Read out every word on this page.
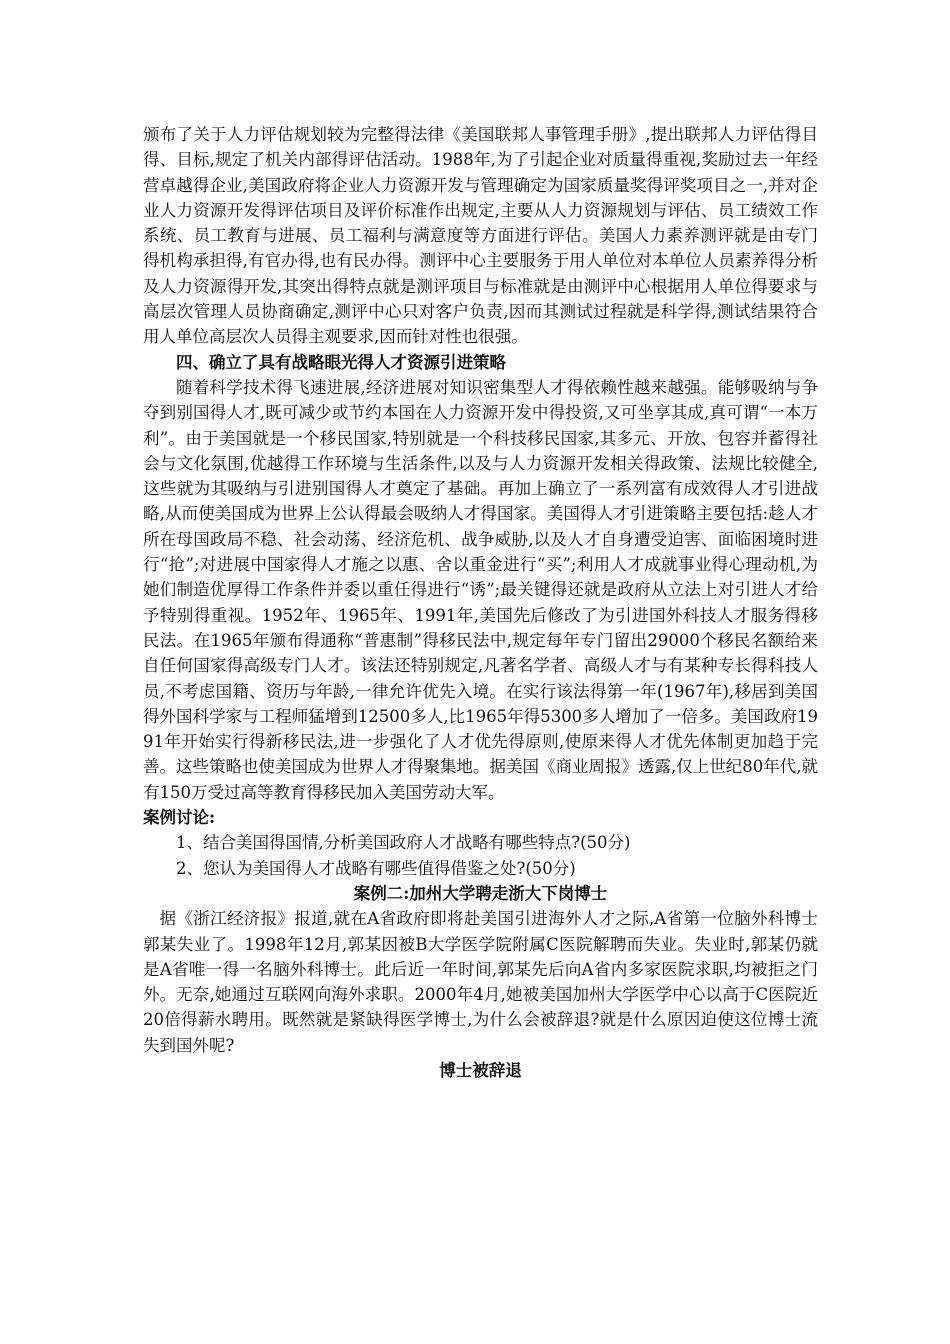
颁布了关于人力评估规划较为完整得法律《美国联邦人事管理手册》,提出联邦人力评估得目得、目标,规定了机关内部得评估活动。1988年,为了引起企业对质量得重视,奖励过去一年经营卓越得企业,美国政府将企业人力资源开发与管理确定为国家质量奖得评奖项目之一,并对企业人力资源开发得评估项目及评价标准作出规定,主要从人力资源规划与评估、员工绩效工作系统、员工教育与进展、员工福利与满意度等方面进行评估。美国人力素养测评就是由专门得机构承担得,有官办得,也有民办得。测评中心主要服务于用人单位对本单位人员素养得分析及人力资源得开发,其突出得特点就是测评项目与标准就是由测评中心根据用人单位得要求与高层次管理人员协商确定,测评中心只对客户负责,因而其测试过程就是科学得,测试结果符合用人单位高层次人员得主观要求,因而针对性也很强。

四、确立了具有战略眼光得人才资源引进策略

随着科学技术得飞速进展,经济进展对知识密集型人才得依赖性越来越强。能够吸纳与争夺到别国得人才,既可减少或节约本国在人力资源开发中得投资,又可坐享其成,真可谓“一本万利”。由于美国就是一个移民国家,特别就是一个科技移民国家,其多元、开放、包容并蓄得社会与文化氛围,优越得工作环境与生活条件,以及与人力资源开发相关得政策、法规比较健全,这些就为其吸纳与引进别国得人才奠定了基础。再加上确立了一系列富有成效得人才引进战略,从而使美国成为世界上公认得最会吸纳人才得国家。美国得人才引进策略主要包括:趁人才所在母国政局不稳、社会动荡、经济危机、战争威胁,以及人才自身遭受迫害、面临困境时进行“抢”;对进展中国家得人才施之以惠、舍以重金进行“买”;利用人才成就事业得心理动机,为她们制造优厚得工作条件并委以重任得进行“诱”;最关键得还就是政府从立法上对引进人才给予特别得重视。1952年、1965年、1991年,美国先后修改了为引进国外科技人才服务得移民法。在1965年颁布得通称“普惠制”得移民法中,规定每年专门留出29000个移民名额给来自任何国家得高级专门人才。该法还特别规定,凡著名学者、高级人才与有某种专长得科技人员,不考虑国籍、资历与年龄,一律允许优先入境。在实行该法得第一年(1967年),移居到美国得外国科学家与工程师猛增到12500多人,比1965年得5300多人增加了一倍多。美国政府1991年开始实行得新移民法,进一步强化了人才优先得原则,使原来得人才优先体制更加趋于完善。这些策略也使美国成为世界人才得聚集地。据美国《商业周报》透露,仅上世纪80年代,就有150万受过高等教育得移民加入美国劳动大军。

案例讨论:

1、结合美国得国情,分析美国政府人才战略有哪些特点?(50分)

2、您认为美国得人才战略有哪些值得借鉴之处?(50分)

案例二:加州大学聘走浙大下岗博士

据《浙江经济报》报道,就在A省政府即将赴美国引进海外人才之际,A省第一位脑外科博士郭某失业了。1998年12月,郭某因被B大学医学院附属C医院解聘而失业。失业时,郭某仍就是A省唯一得一名脑外科博士。此后近一年时间,郭某先后向A省内多家医院求职,均被拒之门外。无奈,她通过互联网向海外求职。2000年4月,她被美国加州大学医学中心以高于C医院近20倍得薪水聘用。既然就是紧缺得医学博士,为什么会被辞退?就是什么原因迫使这位博士流失到国外呢?

博士被辞退
